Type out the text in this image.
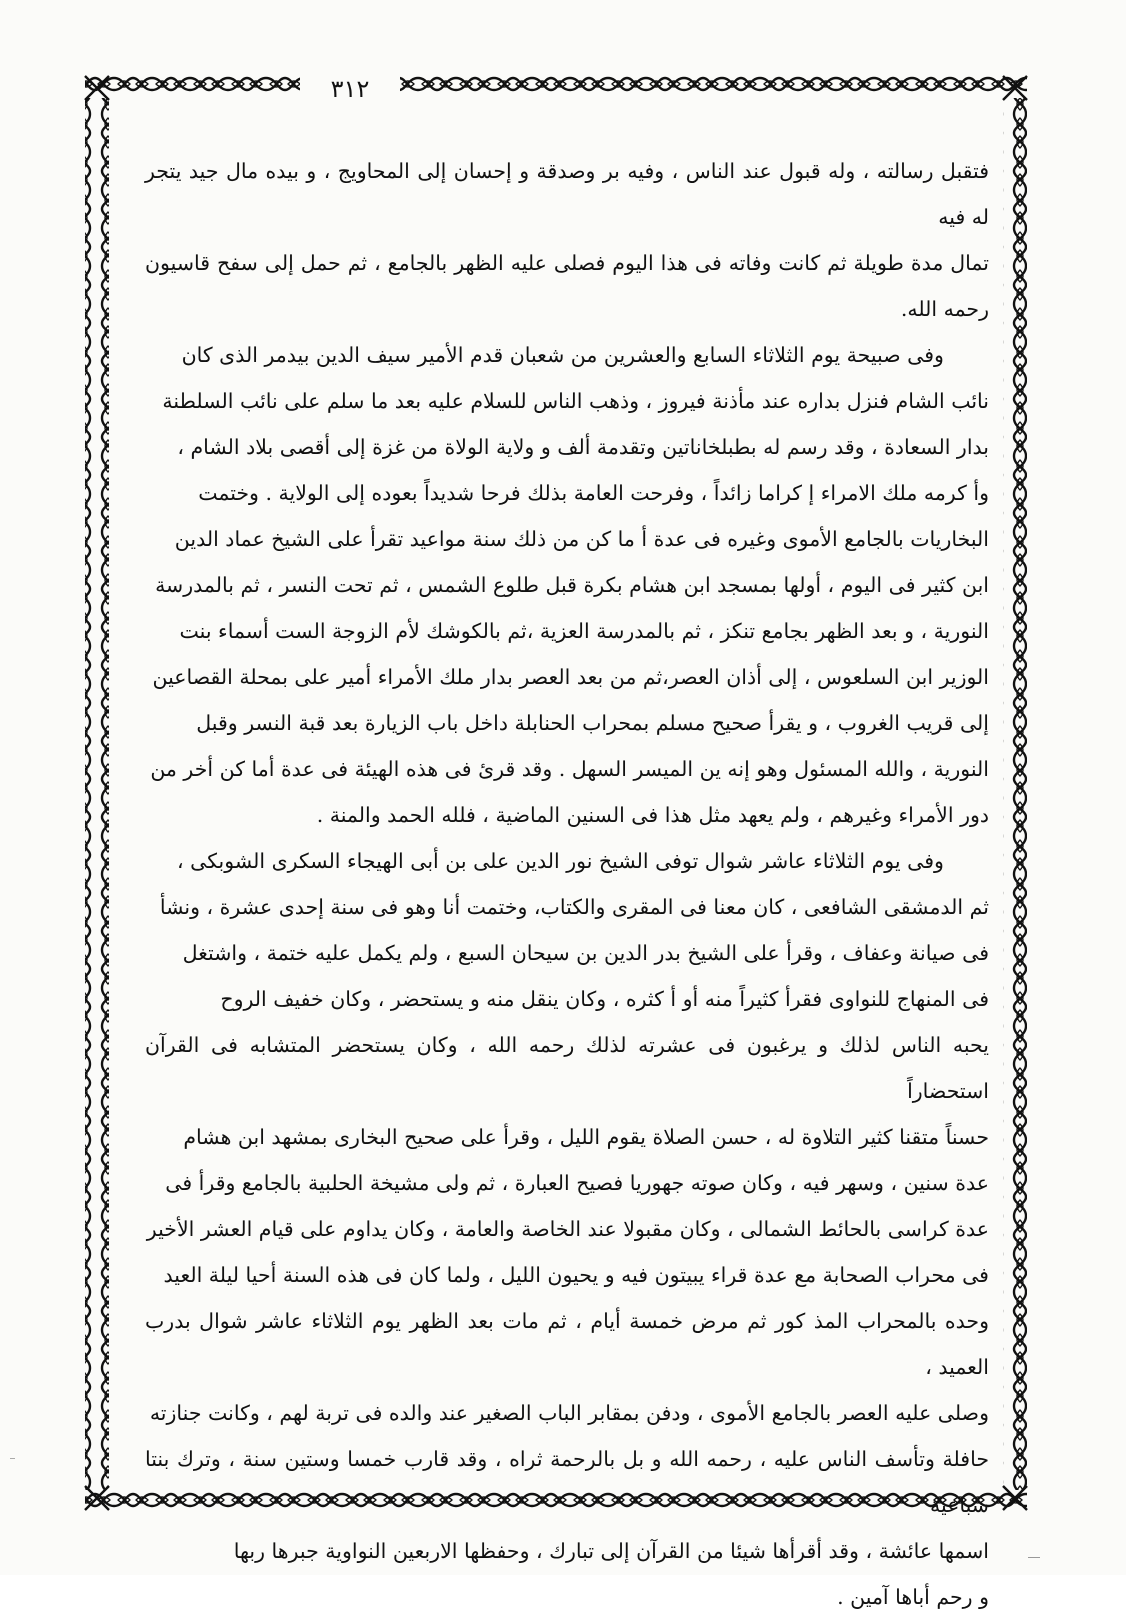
٣١٢

فتقبل رسالته ، وله قبول عند الناس ، وفيه بر وصدقة و إحسان إلى المحاويج ، و بيده مال جيد يتجر له فيه

تمال مدة طويلة ثم كانت وفاته فى هذا اليوم فصلى عليه الظهر بالجامع ، ثم حمل إلى سفح قاسيون رحمه الله.

وفى صبيحة يوم الثلاثاء السابع والعشرين من شعبان قدم الأمير سيف الدين بيدمر الذى كان

نائب الشام فنزل بداره عند مأذنة فيروز ، وذهب الناس للسلام عليه بعد ما سلم على نائب السلطنة

بدار السعادة ، وقد رسم له بطبلخاناتين وتقدمة ألف و ولاية الولاة من غزة إلى أقصى بلاد الشام ،

وأ كرمه ملك الامراء إ كراما زائداً ، وفرحت العامة بذلك فرحا شديداً بعوده إلى الولاية . وختمت

البخاريات بالجامع الأموى وغيره فى عدة أ ما كن من ذلك سنة مواعيد تقرأ على الشيخ عماد الدين

ابن كثير فى اليوم ، أولها بمسجد ابن هشام بكرة قبل طلوع الشمس ، ثم تحت النسر ، ثم بالمدرسة

النورية ، و بعد الظهر بجامع تنكز ، ثم بالمدرسة العزية ،ثم بالكوشك لأم الزوجة الست أسماء بنت

الوزير ابن السلعوس ، إلى أذان العصر،ثم من بعد العصر بدار ملك الأمراء أمير على بمحلة القصاعين

إلى قريب الغروب ، و يقرأ صحيح مسلم بمحراب الحنابلة داخل باب الزيارة بعد قبة النسر وقبل

النورية ، والله المسئول وهو إنه ين الميسر السهل . وقد قرئ فى هذه الهيئة فى عدة أما كن أخر من

دور الأمراء وغيرهم ، ولم يعهد مثل هذا فى السنين الماضية ، فلله الحمد والمنة .

وفى يوم الثلاثاء عاشر شوال توفى الشيخ نور الدين على بن أبى الهيجاء السكرى الشوبكى ،

ثم الدمشقى الشافعى ، كان معنا فى المقرى والكتاب، وختمت أنا وهو فى سنة إحدى عشرة ، ونشأ

فى صيانة وعفاف ، وقرأ على الشيخ بدر الدين بن سيحان السبع ، ولم يكمل عليه ختمة ، واشتغل

فى المنهاج للنواوى فقرأ كثيراً منه أو أ كثره ، وكان ينقل منه و يستحضر ، وكان خفيف الروح

يحبه الناس لذلك و يرغبون فى عشرته لذلك رحمه الله ، وكان يستحضر المتشابه فى القرآن استحضاراً

حسناً متقنا كثير التلاوة له ، حسن الصلاة يقوم الليل ، وقرأ على صحيح البخارى بمشهد ابن هشام

عدة سنين ، وسهر فيه ، وكان صوته جهوريا فصيح العبارة ، ثم ولى مشيخة الحلبية بالجامع وقرأ فى

عدة كراسى بالحائط الشمالى ، وكان مقبولا عند الخاصة والعامة ، وكان يداوم على قيام العشر الأخير

فى محراب الصحابة مع عدة قراء يبيتون فيه و يحيون الليل ، ولما كان فى هذه السنة أحيا ليلة العيد

وحده بالمحراب المذ كور ثم مرض خمسة أيام ، ثم مات بعد الظهر يوم الثلاثاء عاشر شوال بدرب العميد ،

وصلى عليه العصر بالجامع الأموى ، ودفن بمقابر الباب الصغير عند والده فى تربة لهم ، وكانت جنازته

حافلة وتأسف الناس عليه ، رحمه الله و بل بالرحمة ثراه ، وقد قارب خمسا وستين سنة ، وترك بنتا سباعية

اسمها عائشة ، وقد أقرأها شيئا من القرآن إلى تبارك ، وحفظها الاربعين النواوية جبرها ربها

و رحم أباها آمين .
